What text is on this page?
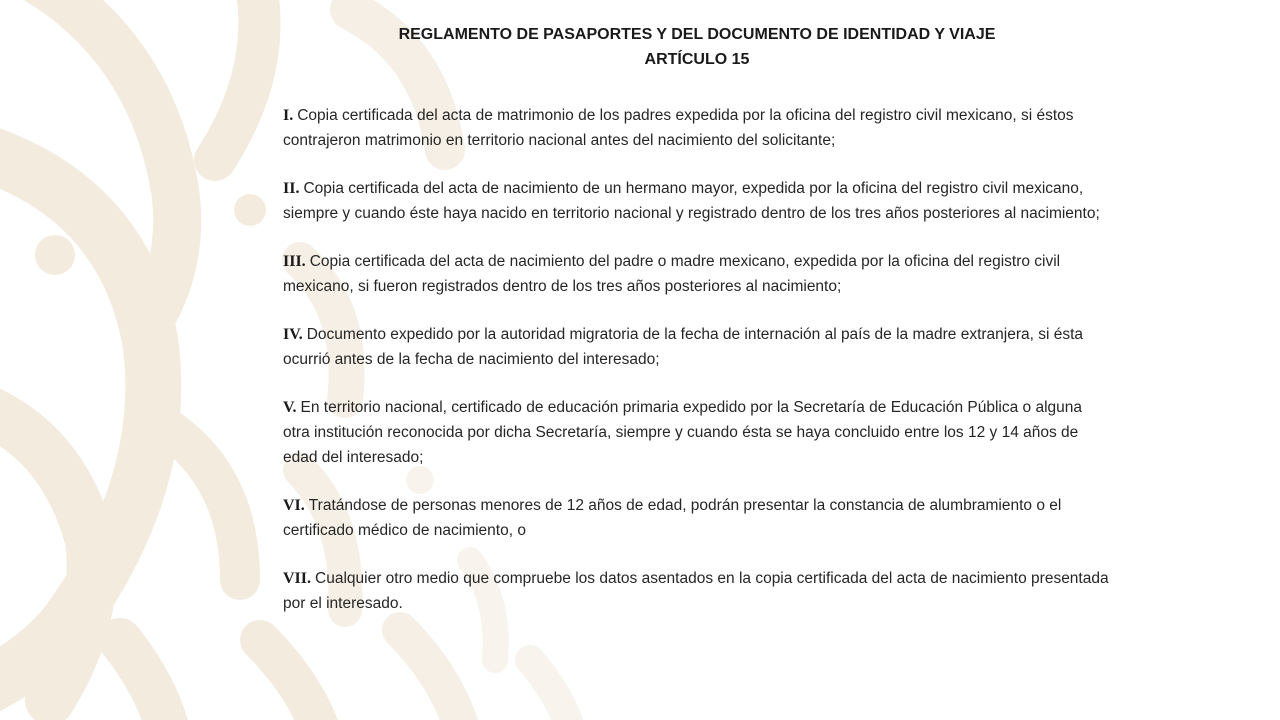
REGLAMENTO DE PASAPORTES Y DEL DOCUMENTO DE IDENTIDAD Y VIAJE
ARTÍCULO 15

I. Copia certificada del acta de matrimonio de los padres expedida por la oficina del registro civil mexicano, si éstos contrajeron matrimonio en territorio nacional antes del nacimiento del solicitante;

II. Copia certificada del acta de nacimiento de un hermano mayor, expedida por la oficina del registro civil mexicano, siempre y cuando éste haya nacido en territorio nacional y registrado dentro de los tres años posteriores al nacimiento;

III. Copia certificada del acta de nacimiento del padre o madre mexicano, expedida por la oficina del registro civil mexicano, si fueron registrados dentro de los tres años posteriores al nacimiento;

IV. Documento expedido por la autoridad migratoria de la fecha de internación al país de la madre extranjera, si ésta ocurrió antes de la fecha de nacimiento del interesado;

V. En territorio nacional, certificado de educación primaria expedido por la Secretaría de Educación Pública o alguna otra institución reconocida por dicha Secretaría, siempre y cuando ésta se haya concluido entre los 12 y 14 años de edad del interesado;

VI. Tratándose de personas menores de 12 años de edad, podrán presentar la constancia de alumbramiento o el certificado médico de nacimiento, o

VII. Cualquier otro medio que compruebe los datos asentados en la copia certificada del acta de nacimiento presentada por el interesado.
